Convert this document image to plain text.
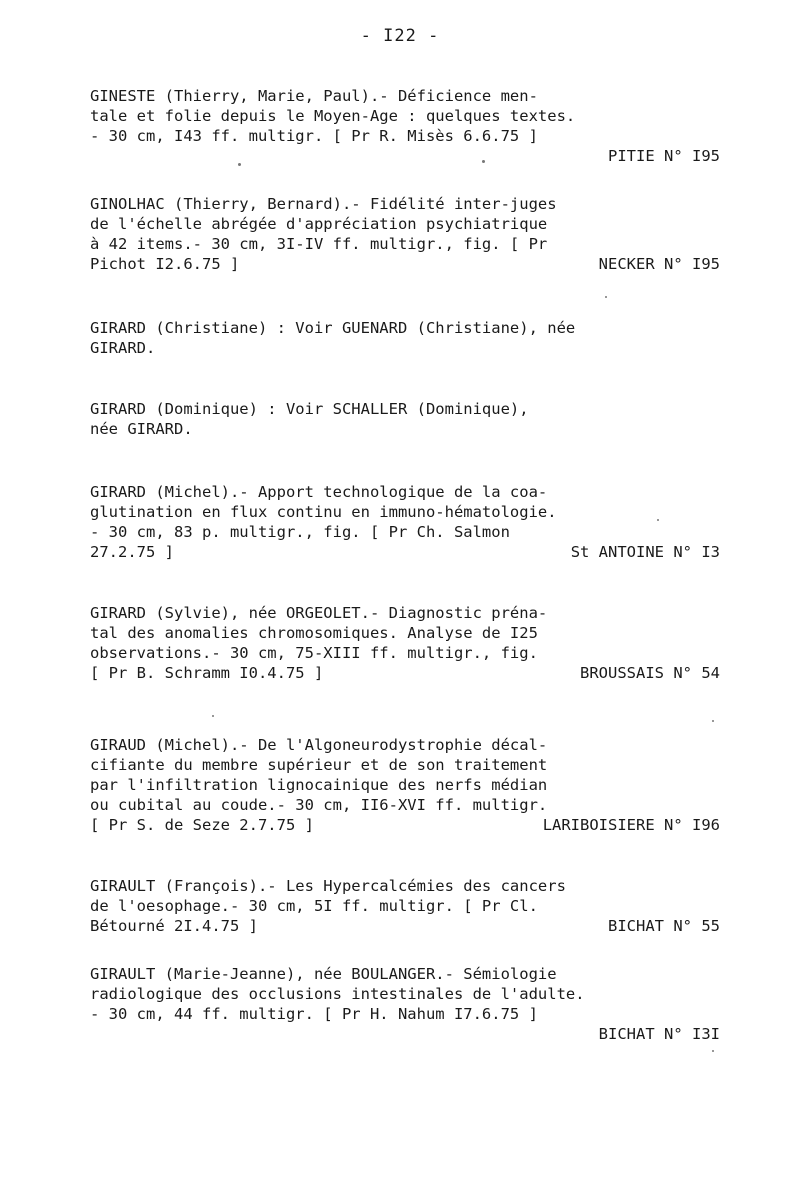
- I22 -
GINESTE (Thierry, Marie, Paul).- Déficience men-
tale et folie depuis le Moyen-Age : quelques textes.
- 30 cm, I43 ff. multigr. [ Pr R. Misès 6.6.75 ]
PITIE N° I95
GINOLHAC (Thierry, Bernard).- Fidélité inter-juges
de l'échelle abrégée d'appréciation psychiatrique
à 42 items.- 30 cm, 3I-IV ff. multigr., fig. [ Pr
Pichot I2.6.75 ]	NECKER N° I95
GIRARD (Christiane) : Voir GUENARD (Christiane), née
GIRARD.
GIRARD (Dominique) : Voir SCHALLER (Dominique),
née GIRARD.
GIRARD (Michel).- Apport technologique de la coa-
glutination en flux continu en immuno-hématologie.
- 30 cm, 83 p. multigr., fig. [ Pr Ch. Salmon
27.2.75 ]	St ANTOINE N° I3
GIRARD (Sylvie), née ORGEOLET.- Diagnostic préna-
tal des anomalies chromosomiques. Analyse de I25
observations.- 30 cm, 75-XIII ff. multigr., fig.
[ Pr B. Schramm I0.4.75 ]	BROUSSAIS N° 54
GIRAUD (Michel).- De l'Algoneurodystrophie décal-
cifiante du membre supérieur et de son traitement
par l'infiltration lignocainique des nerfs médian
ou cubital au coude.- 30 cm, II6-XVI ff. multigr.
[ Pr S. de Seze 2.7.75 ]	LARIBOISIERE N° I96
GIRAULT (François).- Les Hypercalcémies des cancers
de l'oesophage.- 30 cm, 5I ff. multigr. [ Pr Cl.
Bétourné 2I.4.75 ]	BICHAT N° 55
GIRAULT (Marie-Jeanne), née BOULANGER.- Sémiologie
radiologique des occlusions intestinales de l'adulte.
- 30 cm, 44 ff. multigr. [ Pr H. Nahum I7.6.75 ]
BICHAT N° I3I
